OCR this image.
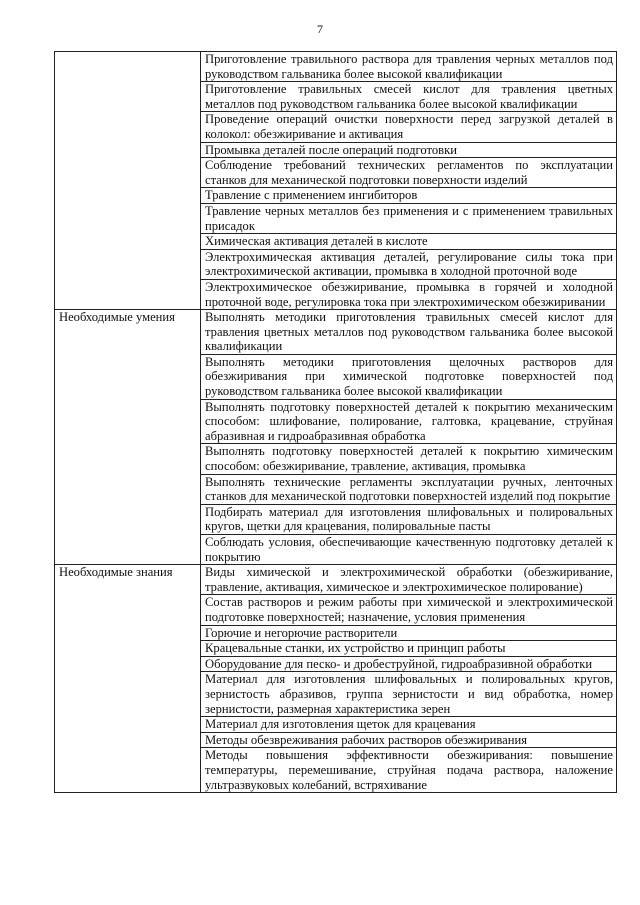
7
	Приготовление травильного раствора для травления черных металлов под руководством гальваника более высокой квалификации
	Приготовление травильных смесей кислот для травления цветных металлов под руководством гальваника более высокой квалификации
	Проведение операций очистки поверхности перед загрузкой деталей в колокол: обезжиривание и активация
	Промывка деталей после операций подготовки
	Соблюдение требований технических регламентов по эксплуатации станков для механической подготовки поверхности изделий
	Травление с применением ингибиторов
	Травление черных металлов без применения и с применением травильных присадок
	Химическая активация деталей в кислоте
	Электрохимическая активация деталей, регулирование силы тока при электрохимической активации, промывка в холодной проточной воде
	Электрохимическое обезжиривание, промывка в горячей и холодной проточной воде, регулировка тока при электрохимическом обезжиривании
Необходимые умения	Выполнять методики приготовления травильных смесей кислот для травления цветных металлов под руководством гальваника более высокой квалификации
	Выполнять методики приготовления щелочных растворов для обезжиривания при химической подготовке поверхностей под руководством гальваника более высокой квалификации
	Выполнять подготовку поверхностей деталей к покрытию механическим способом: шлифование, полирование, галтовка, крацевание, струйная абразивная и гидроабразивная обработка
	Выполнять подготовку поверхностей деталей к покрытию химическим способом: обезжиривание, травление, активация, промывка
	Выполнять технические регламенты эксплуатации ручных, ленточных станков для механической подготовки поверхностей изделий под покрытие
	Подбирать материал для изготовления шлифовальных и полировальных кругов, щетки для крацевания, полировальные пасты
	Соблюдать условия, обеспечивающие качественную подготовку деталей к покрытию
Необходимые знания	Виды химической и электрохимической обработки (обезжиривание, травление, активация, химическое и электрохимическое полирование)
	Состав растворов и режим работы при химической и электрохимической подготовке поверхностей; назначение, условия применения
	Горючие и негорючие растворители
	Крацевальные станки, их устройство и принцип работы
	Оборудование для песко- и дробеструйной, гидроабразивной обработки
	Материал для изготовления шлифовальных и полировальных кругов, зернистость абразивов, группа зернистости и вид обработка, номер зернистости, размерная характеристика зерен
	Материал для изготовления щеток для крацевания
	Методы обезвреживания рабочих растворов обезжиривания
	Методы повышения эффективности обезжиривания: повышение температуры, перемешивание, струйная подача раствора, наложение ультразвуковых колебаний, встряхивание
